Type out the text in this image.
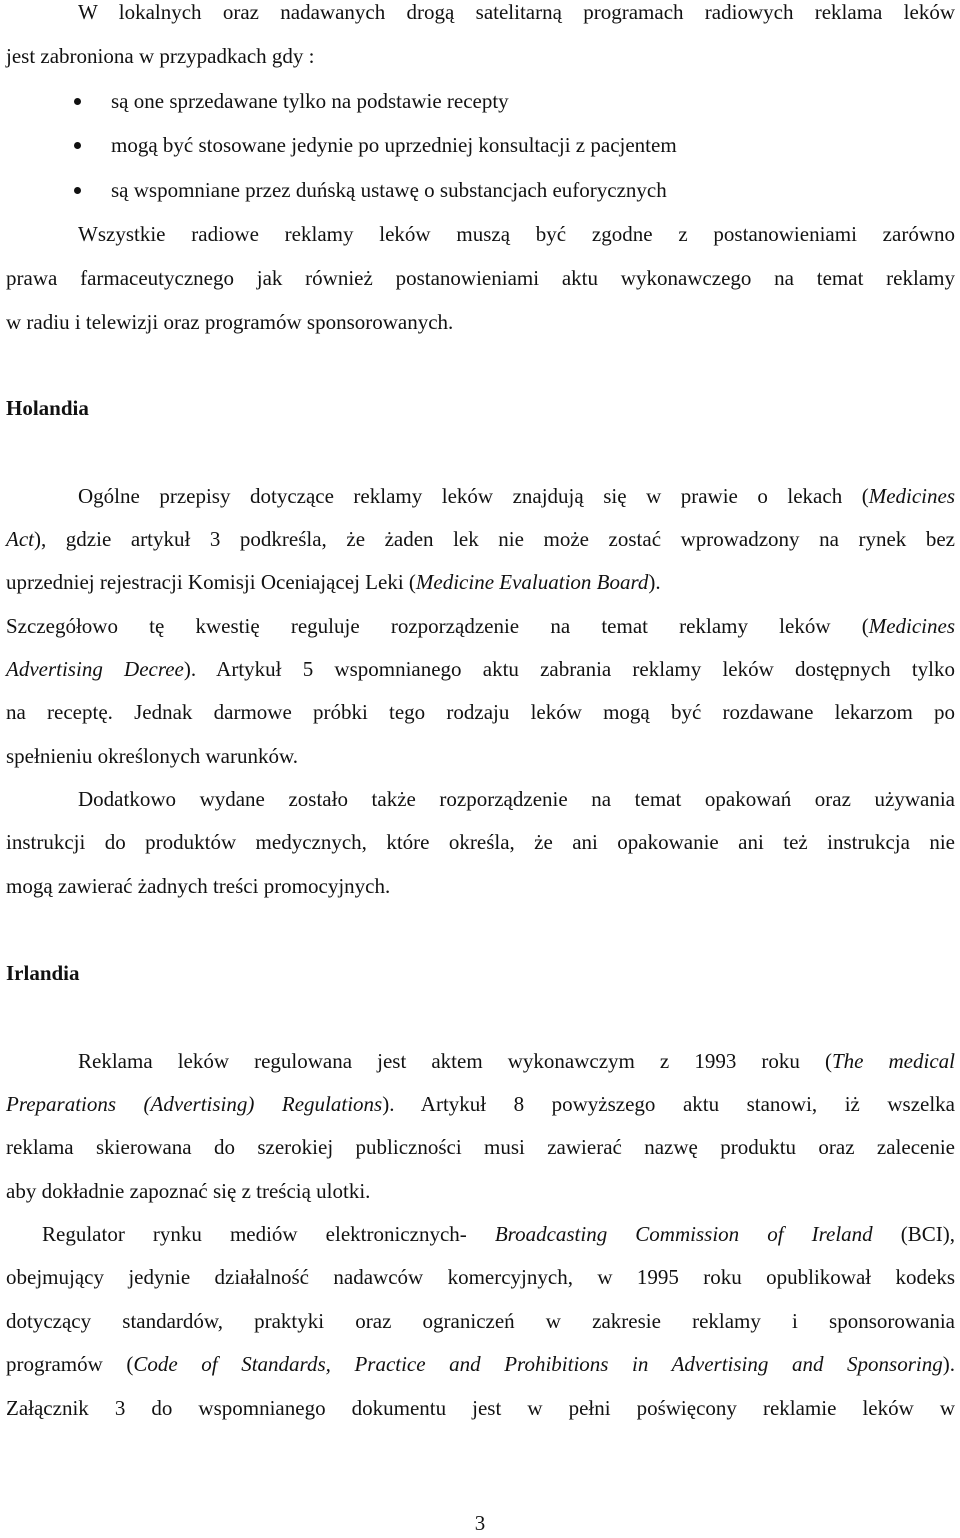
W lokalnych oraz nadawanych drogą satelitarną programach radiowych reklama leków
jest zabroniona w przypadkach gdy :
są one sprzedawane tylko na podstawie recepty
mogą być stosowane jedynie po uprzedniej konsultacji z pacjentem
są wspomniane przez duńską ustawę o substancjach euforycznych
Wszystkie radiowe reklamy leków muszą być zgodne z postanowieniami zarówno
prawa farmaceutycznego jak również postanowieniami aktu wykonawczego na temat reklamy
w radiu i telewizji oraz programów sponsorowanych.
Holandia
Ogólne przepisy dotyczące reklamy leków znajdują się w prawie o lekach (Medicines
Act), gdzie artykuł 3 podkreśla, że żaden lek nie może zostać wprowadzony na rynek bez
uprzedniej rejestracji Komisji Oceniającej Leki (Medicine Evaluation Board).
Szczegółowo tę kwestię reguluje rozporządzenie na temat reklamy leków (Medicines
Advertising Decree). Artykuł 5 wspomnianego aktu zabrania reklamy leków dostępnych tylko
na receptę. Jednak darmowe próbki tego rodzaju leków mogą być rozdawane lekarzom po
spełnieniu określonych warunków.
Dodatkowo wydane zostało także rozporządzenie na temat opakowań oraz używania
instrukcji do produktów medycznych, które określa, że ani opakowanie ani też instrukcja nie
mogą zawierać żadnych treści promocyjnych.
Irlandia
Reklama leków regulowana jest aktem wykonawczym z 1993 roku (The medical
Preparations (Advertising) Regulations). Artykuł 8 powyższego aktu stanowi, iż wszelka
reklama skierowana do szerokiej publiczności musi zawierać nazwę produktu oraz zalecenie
aby dokładnie zapoznać się z treścią ulotki.
Regulator rynku mediów elektronicznych- Broadcasting Commission of Ireland (BCI),
obejmujący jedynie działalność nadawców komercyjnych, w 1995 roku opublikował kodeks
dotyczący standardów, praktyki oraz ograniczeń w zakresie reklamy i sponsorowania
programów (Code of Standards, Practice and Prohibitions in Advertising and Sponsoring).
Załącznik 3 do wspomnianego dokumentu jest w pełni poświęcony reklamie leków w
3
